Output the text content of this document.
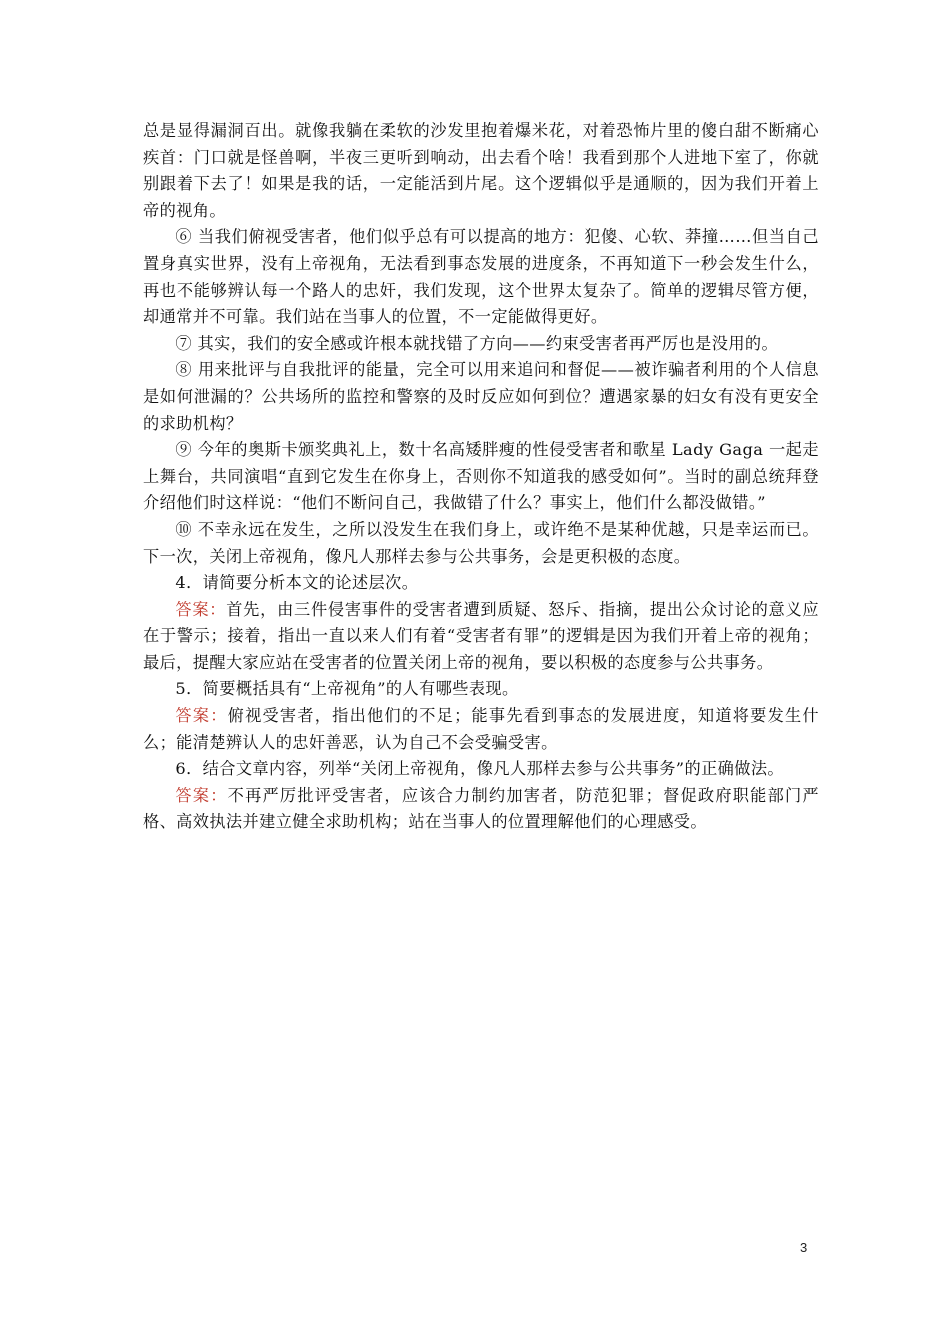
总是显得漏洞百出。就像我躺在柔软的沙发里抱着爆米花，对着恐怖片里的傻白甜不断痛心疾首：门口就是怪兽啊，半夜三更听到响动，出去看个啥！我看到那个人进地下室了，你就别跟着下去了！如果是我的话，一定能活到片尾。这个逻辑似乎是通顺的，因为我们开着上帝的视角。

⑥ 当我们俯视受害者，他们似乎总有可以提高的地方：犯傻、心软、莽撞……但当自己置身真实世界，没有上帝视角，无法看到事态发展的进度条，不再知道下一秒会发生什么，再也不能够辨认每一个路人的忠奸，我们发现，这个世界太复杂了。简单的逻辑尽管方便，却通常并不可靠。我们站在当事人的位置，不一定能做得更好。

⑦ 其实，我们的安全感或许根本就找错了方向——约束受害者再严厉也是没用的。

⑧ 用来批评与自我批评的能量，完全可以用来追问和督促——被诈骗者利用的个人信息是如何泄漏的？公共场所的监控和警察的及时反应如何到位？遭遇家暴的妇女有没有更安全的求助机构？

⑨ 今年的奥斯卡颁奖典礼上，数十名高矮胖瘦的性侵受害者和歌星 Lady Gaga 一起走上舞台，共同演唱“直到它发生在你身上，否则你不知道我的感受如何”。当时的副总统拜登介绍他们时这样说：“他们不断问自己，我做错了什么？事实上，他们什么都没做错。”

⑩ 不幸永远在发生，之所以没发生在我们身上，或许绝不是某种优越，只是幸运而已。下一次，关闭上帝视角，像凡人那样去参与公共事务，会是更积极的态度。

4．请简要分析本文的论述层次。

答案：首先，由三件侵害事件的受害者遭到质疑、怒斥、指摘，提出公众讨论的意义应在于警示；接着，指出一直以来人们有着“受害者有罪”的逻辑是因为我们开着上帝的视角；最后，提醒大家应站在受害者的位置关闭上帝的视角，要以积极的态度参与公共事务。

5．简要概括具有“上帝视角”的人有哪些表现。

答案：俯视受害者，指出他们的不足；能事先看到事态的发展进度，知道将要发生什么；能清楚辨认人的忠奸善恶，认为自己不会受骗受害。

6．结合文章内容，列举“关闭上帝视角，像凡人那样去参与公共事务”的正确做法。

答案：不再严厉批评受害者，应该合力制约加害者，防范犯罪；督促政府职能部门严格、高效执法并建立健全求助机构；站在当事人的位置理解他们的心理感受。

3
